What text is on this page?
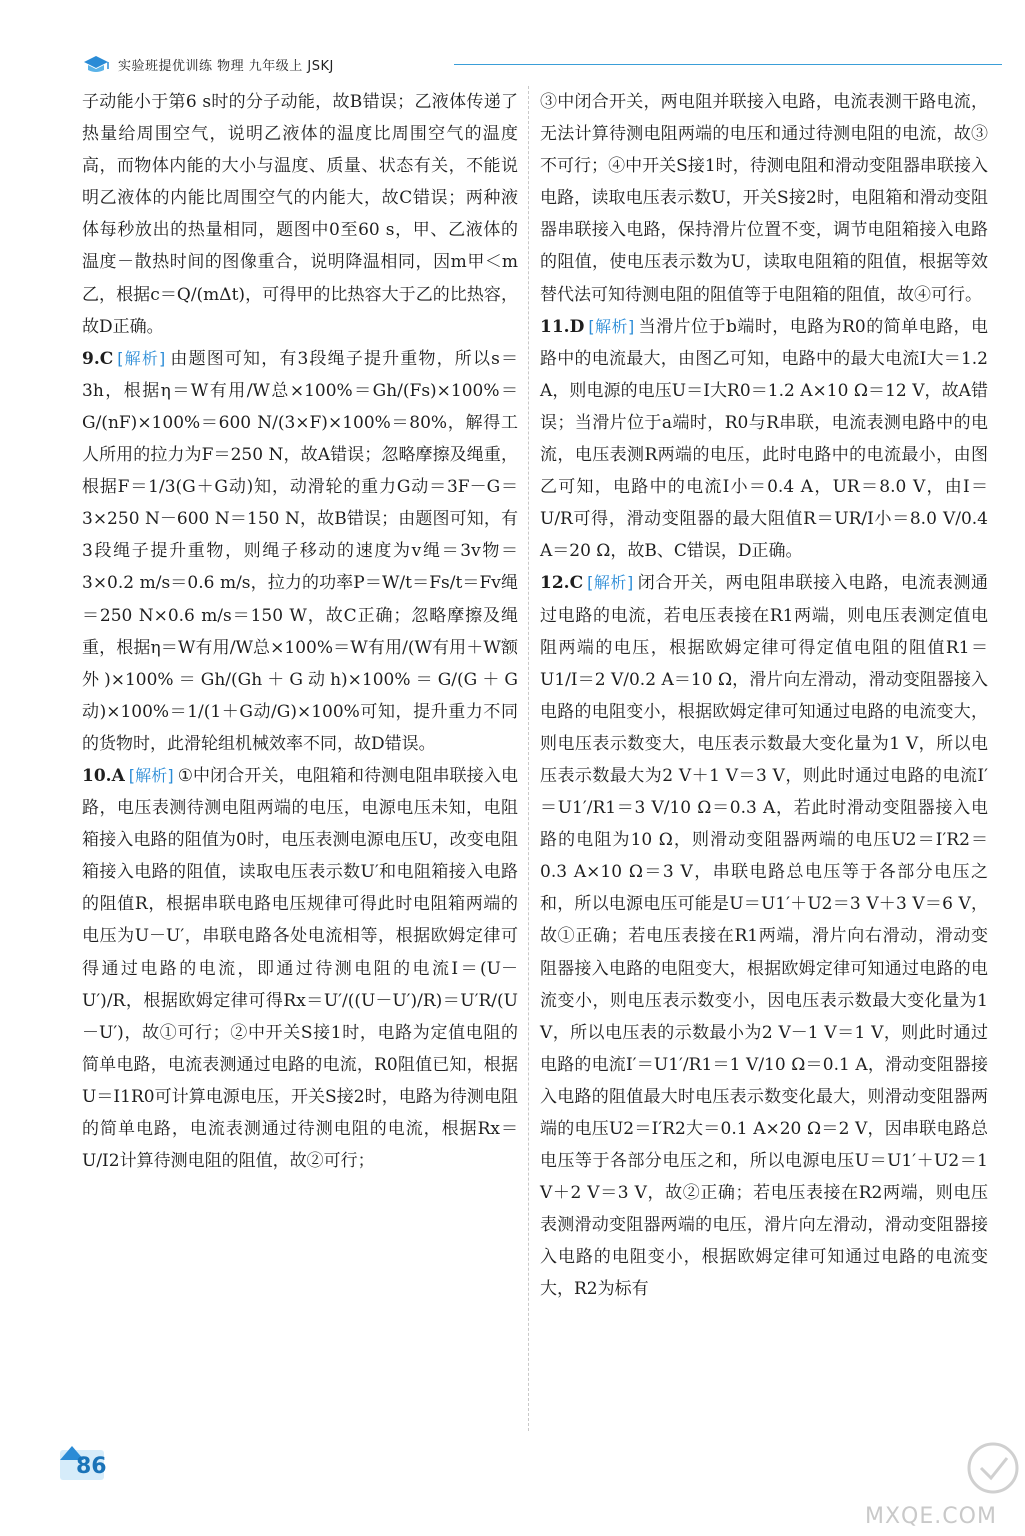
实验班提优训练 物理 九年级上 JSKJ

子动能小于第6 s时的分子动能，故B错误；乙液体传递了热量给周围空气，说明乙液体的温度比周围空气的温度高，而物体内能的大小与温度、质量、状态有关，不能说明乙液体的内能比周围空气的内能大，故C错误；两种液体每秒放出的热量相同，题图中0至60 s，甲、乙液体的温度－散热时间的图像重合，说明降温相同，因m甲＜m乙，根据c＝Q/(mΔt)，可得甲的比热容大于乙的比热容，故D正确。

9.C [解析] 由题图可知，有3段绳子提升重物，所以s＝3h，根据η＝W有用/W总×100%＝Gh/(Fs)×100%＝G/(nF)×100%＝600 N/(3×F)×100%＝80%，解得工人所用的拉力为F＝250 N，故A错误；忽略摩擦及绳重，根据F＝1/3(G＋G动)知，动滑轮的重力G动＝3F－G＝3×250 N－600 N＝150 N，故B错误；由题图可知，有3段绳子提升重物，则绳子移动的速度为v绳＝3v物＝3×0.2 m/s＝0.6 m/s，拉力的功率P＝W/t＝Fs/t＝Fv绳＝250 N×0.6 m/s＝150 W，故C正确；忽略摩擦及绳重，根据η＝W有用/W总×100%＝W有用/(W有用＋W额外)×100%＝Gh/(Gh＋G动h)×100%＝G/(G＋G动)×100%＝1/(1＋G动/G)×100%可知，提升重力不同的货物时，此滑轮组机械效率不同，故D错误。

10.A [解析] ①中闭合开关，电阻箱和待测电阻串联接入电路，电压表测待测电阻两端的电压，电源电压未知，电阻箱接入电路的阻值为0时，电压表测电源电压U，改变电阻箱接入电路的阻值，读取电压表示数U′和电阻箱接入电路的阻值R，根据串联电路电压规律可得此时电阻箱两端的电压为U－U′，串联电路各处电流相等，根据欧姆定律可得通过电路的电流，即通过待测电阻的电流I＝(U－U′)/R，根据欧姆定律可得Rx＝U′/((U－U′)/R)＝U′R/(U－U′)，故①可行；②中开关S接1时，电路为定值电阻的简单电路，电流表测通过电路的电流，R0阻值已知，根据U＝I1R0可计算电源电压，开关S接2时，电路为待测电阻的简单电路，电流表测通过待测电阻的电流，根据Rx＝U/I2计算待测电阻的阻值，故②可行；

③中闭合开关，两电阻并联接入电路，电流表测干路电流，无法计算待测电阻两端的电压和通过待测电阻的电流，故③不可行；④中开关S接1时，待测电阻和滑动变阻器串联接入电路，读取电压表示数U，开关S接2时，电阻箱和滑动变阻器串联接入电路，保持滑片位置不变，调节电阻箱接入电路的阻值，使电压表示数为U，读取电阻箱的阻值，根据等效替代法可知待测电阻的阻值等于电阻箱的阻值，故④可行。

11.D [解析] 当滑片位于b端时，电路为R0的简单电路，电路中的电流最大，由图乙可知，电路中的最大电流I大＝1.2 A，则电源的电压U＝I大R0＝1.2 A×10 Ω＝12 V，故A错误；当滑片位于a端时，R0与R串联，电流表测电路中的电流，电压表测R两端的电压，此时电路中的电流最小，由图乙可知，电路中的电流I小＝0.4 A，UR＝8.0 V，由I＝U/R可得，滑动变阻器的最大阻值R＝UR/I小＝8.0 V/0.4 A＝20 Ω，故B、C错误，D正确。

12.C [解析] 闭合开关，两电阻串联接入电路，电流表测通过电路的电流，若电压表接在R1两端，则电压表测定值电阻两端的电压，根据欧姆定律可得定值电阻的阻值R1＝U1/I＝2 V/0.2 A＝10 Ω，滑片向左滑动，滑动变阻器接入电路的电阻变小，根据欧姆定律可知通过电路的电流变大，则电压表示数变大，电压表示数最大变化量为1 V，所以电压表示数最大为2 V＋1 V＝3 V，则此时通过电路的电流I′＝U1′/R1＝3 V/10 Ω＝0.3 A，若此时滑动变阻器接入电路的电阻为10 Ω，则滑动变阻器两端的电压U2＝I′R2＝0.3 A×10 Ω＝3 V，串联电路总电压等于各部分电压之和，所以电源电压可能是U＝U1′＋U2＝3 V＋3 V＝6 V，故①正确；若电压表接在R1两端，滑片向右滑动，滑动变阻器接入电路的电阻变大，根据欧姆定律可知通过电路的电流变小，则电压表示数变小，因电压表示数最大变化量为1 V，所以电压表的示数最小为2 V－1 V＝1 V，则此时通过电路的电流I′＝U1′/R1＝1 V/10 Ω＝0.1 A，滑动变阻器接入电路的阻值最大时电压表示数变化最大，则滑动变阻器两端的电压U2＝I′R2大＝0.1 A×20 Ω＝2 V，因串联电路总电压等于各部分电压之和，所以电源电压U＝U1′＋U2＝1 V＋2 V＝3 V，故②正确；若电压表接在R2两端，则电压表测滑动变阻器两端的电压，滑片向左滑动，滑动变阻器接入电路的电阻变小，根据欧姆定律可知通过电路的电流变大，R2为标有

86
MXQE.COM
